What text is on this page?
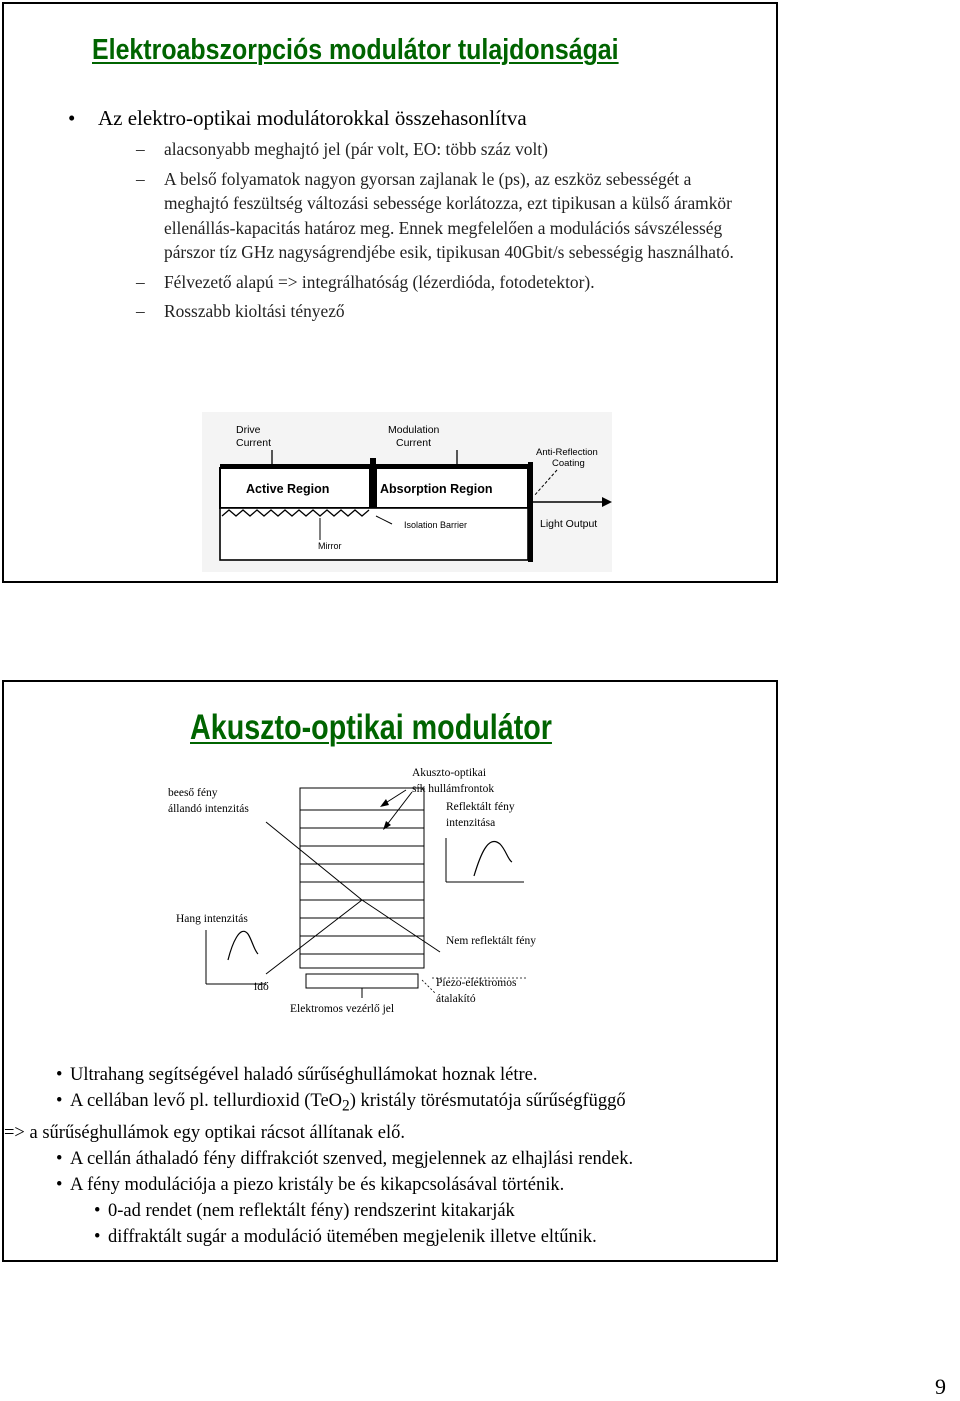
Elektroabszorpciós modulátor tulajdonságai
• Az elektro-optikai modulátorokkal összehasonlítva
– alacsonyabb meghajtó jel (pár volt, EO: több száz volt)
– A belső folyamatok nagyon gyorsan zajlanak le (ps), az eszköz sebességét a meghajtó feszültség változási sebessége korlátozza, ezt tipikusan a külső áramkör ellenállás-kapacitás határoz meg. Ennek megfelelően a modulációs sávszélesség párszor tíz GHz nagyságrendjébe esik, tipikusan 40Gbit/s sebességig használható.
– Félvezető alapú => integrálhatóság (lézerdióda, fotodetektor).
– Rosszabb kioltási tényező
Drive
Current
Modulation
Current
Anti-Reflection
Coating
Active Region	Absorption Region
Isolation Barrier
Mirror
Light Output
Akuszto-optikai modulátor
beeső fény
állandó intenzitás
Akuszto-optikai
sík hullámfrontok
Reflektált fény
intenzitása
Hang intenzitás
Nem reflektált fény
idő
Elektromos vezérlő jel
Piezo-elektromos
átalakító
• Ultrahang segítségével haladó sűrűséghullámokat hoznak létre.
• A cellában levő pl. tellurdioxid (TeO$_2$) kristály törésmutatója sűrűségfüggő
=> a sűrűséghullámok egy optikai rácsot állítanak elő.
• A cellán áthaladó fény diffrakciót szenved, megjelennek az elhajlási rendek.
• A fény modulációja a piezo kristály be és kikapcsolásával történik.
• 0-ad rendet (nem reflektált fény) rendszerint kitakarják
• diffraktált sugár a moduláció ütemében megjelenik illetve eltűnik.
9
